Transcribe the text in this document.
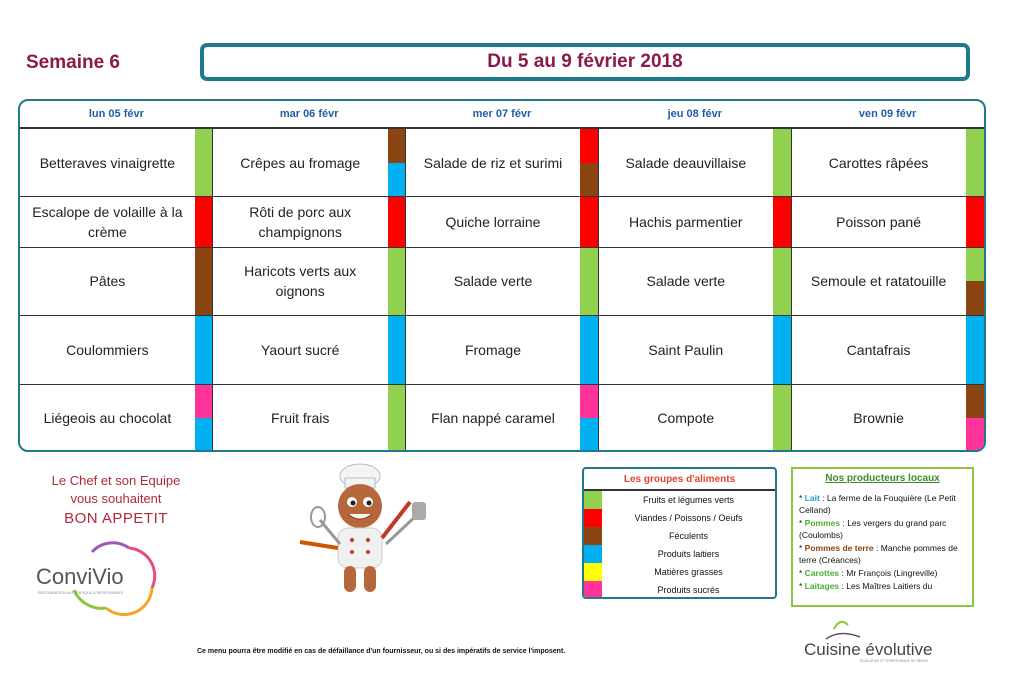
Semaine 6	Du 5 au 9 février 2018
lun 05 févr
Betteraves vinaigrette
Escalope de volaille à la crème
Pâtes
Coulommiers
Liégeois au chocolat
mar 06 févr
Crêpes au fromage
Rôti de porc aux champignons
Haricots verts aux oignons
Yaourt sucré
Fruit frais
mer 07 févr
Salade de riz et surimi
Quiche lorraine
Salade verte
Fromage
Flan nappé caramel
jeu 08 févr
Salade deauvillaise
Hachis parmentier
Salade verte
Saint Paulin
Compote
ven 09 févr
Carottes râpées
Poisson pané
Semoule et ratatouille
Cantafrais
Brownie
Le Chef et son Equipe
vous souhaitent
BON APPETIT
ConviVio
RESTAURATION AUTHENTIQUE & RESPONSABLE
Les groupes d'aliments
Fruits et légumes verts
Viandes / Poissons / Oeufs
Féculents
Produits laitiers
Matières grasses
Produits sucrés
Nos producteurs locaux
* Lait : La ferme de la Fouquière (Le Petit Celland)
* Pommes : Les vergers du grand parc (Coulombs)
* Pommes de terre : Manche pommes de terre (Créances)
* Carottes : Mr François (Lingreville)
* Laitages : Les Maîtres Laitiers du
Ce menu pourra être modifié en cas de défaillance d'un fournisseur, ou si des impératifs de service l'imposent.	Cuisine évolutive
ÉDUCATIVE ET TERRITORIALE DE REPAS
